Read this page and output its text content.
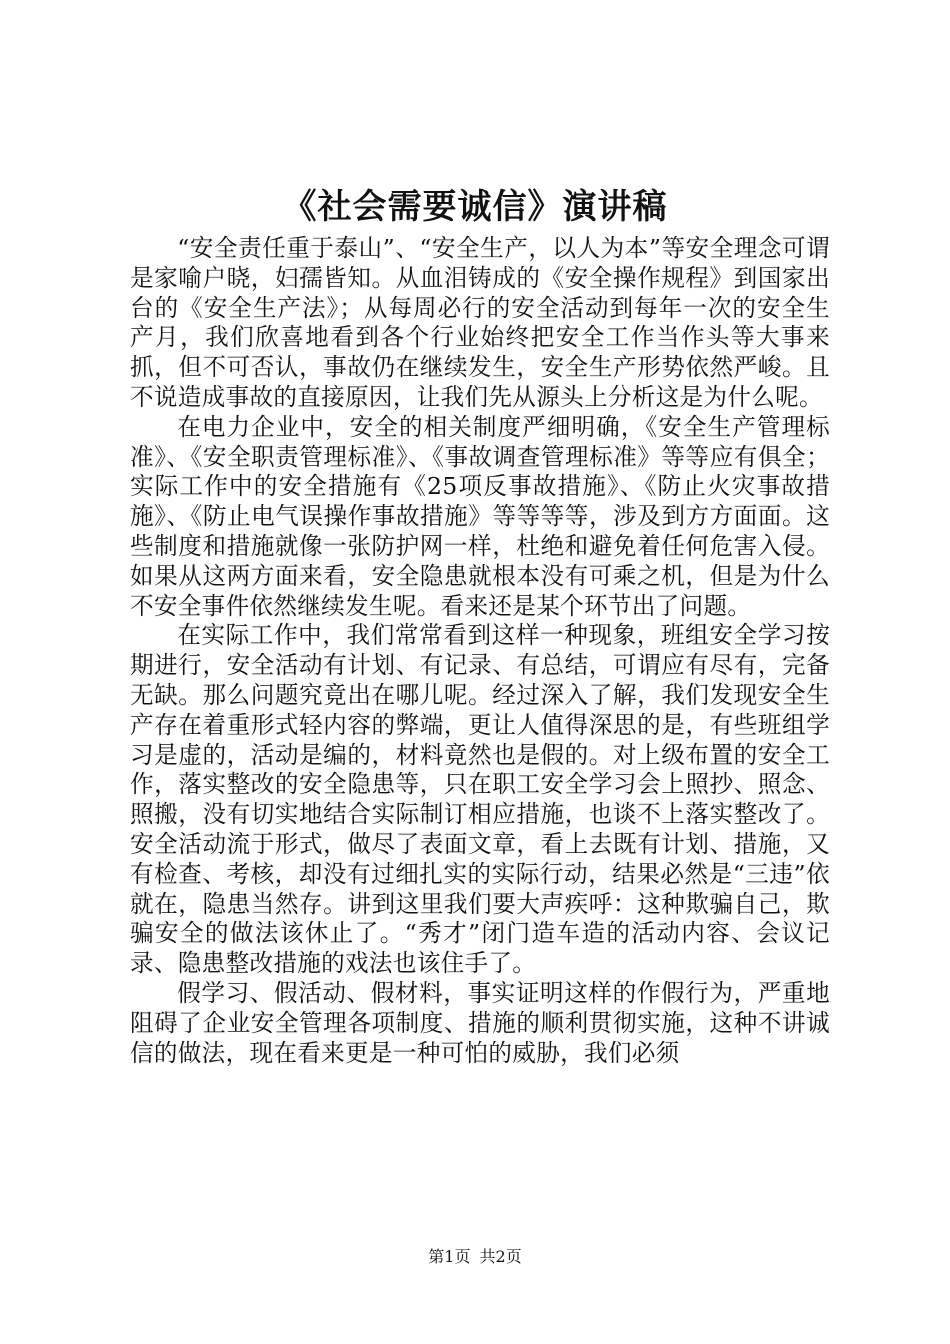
《社会需要诚信》演讲稿

“安全责任重于泰山”、“安全生产，以人为本”等安全理念可谓是家喻户晓，妇孺皆知。从血泪铸成的《安全操作规程》到国家出台的《安全生产法》；从每周必行的安全活动到每年一次的安全生产月，我们欣喜地看到各个行业始终把安全工作当作头等大事来抓，但不可否认，事故仍在继续发生，安全生产形势依然严峻。且不说造成事故的直接原因，让我们先从源头上分析这是为什么呢。

在电力企业中，安全的相关制度严细明确，《安全生产管理标准》、《安全职责管理标准》、《事故调查管理标准》等等应有俱全；实际工作中的安全措施有《25项反事故措施》、《防止火灾事故措施》、《防止电气误操作事故措施》等等等等，涉及到方方面面。这些制度和措施就像一张防护网一样，杜绝和避免着任何危害入侵。如果从这两方面来看，安全隐患就根本没有可乘之机，但是为什么不安全事件依然继续发生呢。看来还是某个环节出了问题。

在实际工作中，我们常常看到这样一种现象，班组安全学习按期进行，安全活动有计划、有记录、有总结，可谓应有尽有，完备无缺。那么问题究竟出在哪儿呢。经过深入了解，我们发现安全生产存在着重形式轻内容的弊端，更让人值得深思的是，有些班组学习是虚的，活动是编的，材料竟然也是假的。对上级布置的安全工作，落实整改的安全隐患等，只在职工安全学习会上照抄、照念、照搬，没有切实地结合实际制订相应措施，也谈不上落实整改了。安全活动流于形式，做尽了表面文章，看上去既有计划、措施，又有检查、考核，却没有过细扎实的实际行动，结果必然是“三违”依就在，隐患当然存。讲到这里我们要大声疾呼：这种欺骗自己，欺骗安全的做法该休止了。“秀才”闭门造车造的活动内容、会议记录、隐患整改措施的戏法也该住手了。

假学习、假活动、假材料，事实证明这样的作假行为，严重地阻碍了企业安全管理各项制度、措施的顺利贯彻实施，这种不讲诚信的做法，现在看来更是一种可怕的威胁，我们必须

第1页 共2页
